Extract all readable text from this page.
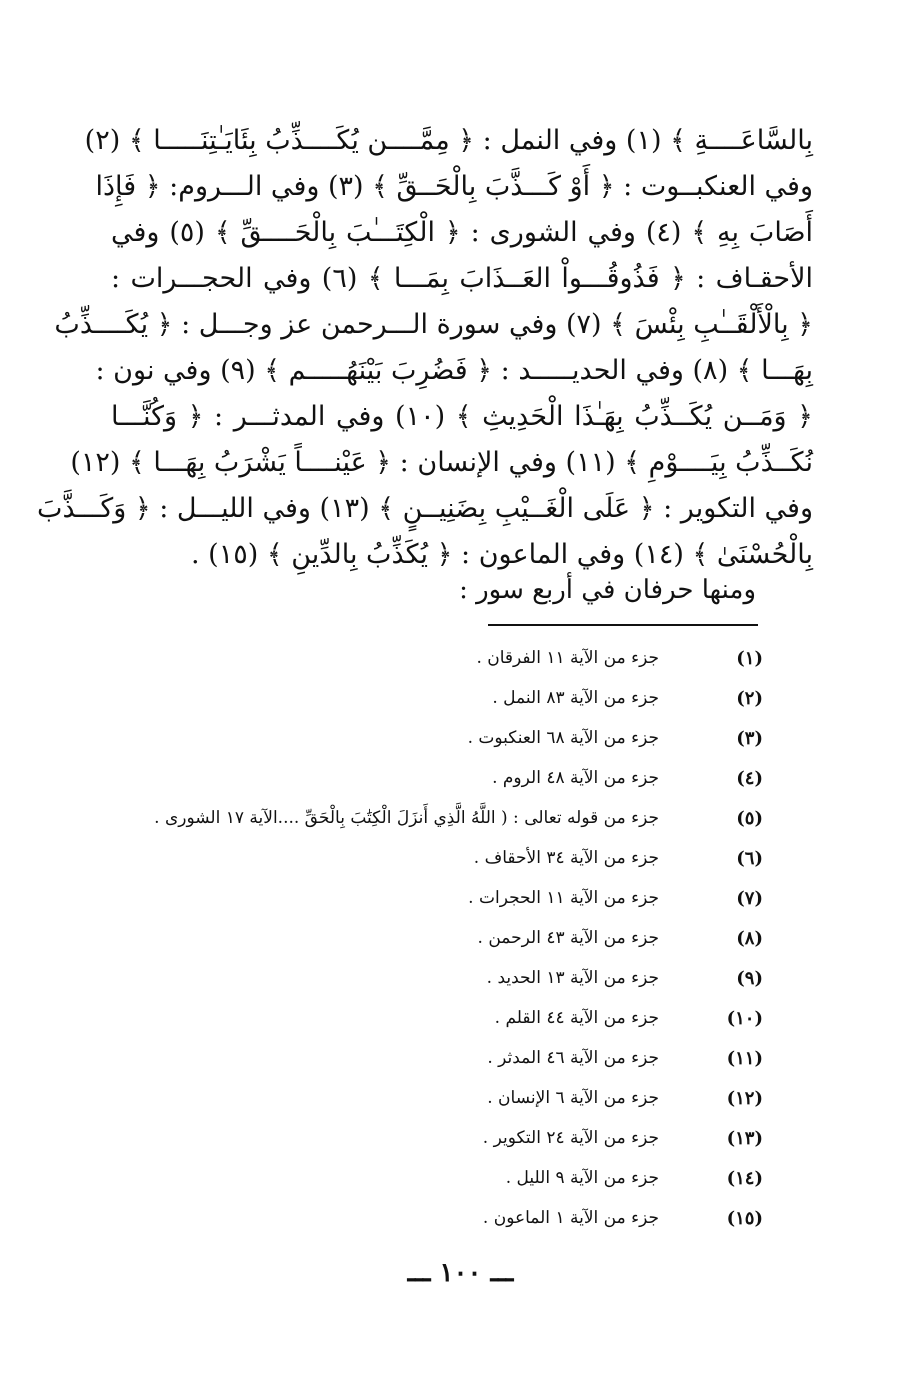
بِالسَّاعَــــةِ ﴾ (١) وفي النمل : ﴿ مِمَّــــن يُكَــــذِّبُ بِئَايَـٰتِنَـــــا ﴾ (٢)
وفي العنكبــوت : ﴿ أَوْ كَـــذَّبَ بِالْحَــقِّ ﴾ (٣) وفي الـــروم: ﴿ فَإِذَا
أَصَابَ بِهِ ﴾ (٤) وفي الشورى : ﴿ الْكِتَـــٰبَ بِالْحَــــقِّ ﴾ (٥) وفي
الأحقـاف : ﴿ فَذُوقُـــواْ العَــذَابَ بِمَـــا ﴾ (٦) وفي الحجـــرات :
﴿ بِالْأَلْقَــٰبِ بِئْسَ ﴾ (٧) وفي سورة الـــرحمن عز وجـــل : ﴿ يُكَــــذِّبُ
بِهَـــا ﴾ (٨) وفي الحديـــــد : ﴿ فَضُرِبَ بَيْنَهُـــــم ﴾ (٩) وفي نون :
﴿ وَمَــن يُكَــذِّبُ بِهَـٰذَا الْحَدِيثِ ﴾ (١٠) وفي المدثـــر : ﴿ وَكُنَّـــا
نُكَــذِّبُ بِيَــــوْمِ ﴾ (١١) وفي الإنسان : ﴿ عَيْنــــاً يَشْرَبُ بِهَـــا ﴾ (١٢)
وفي التكوير : ﴿ عَلَى الْغَــيْبِ بِضَنِيــنٍ ﴾ (١٣) وفي الليـــل : ﴿ وَكَـــذَّبَ
بِالْحُسْنَىٰ ﴾ (١٤) وفي الماعون : ﴿ يُكَذِّبُ بِالدِّينِ ﴾ (١٥) .
ومنها حرفان في أربع سور :
(١)
جزء من الآية ١١ الفرقان .
(٢)
جزء من الآية ٨٣ النمل .
(٣)
جزء من الآية ٦٨ العنكبوت .
(٤)
جزء من الآية ٤٨ الروم .
(٥)
جزء من قوله تعالى : ( اللَّهُ الَّذِي أَنزَلَ الْكِتَٰبَ بِالْحَقِّ ....الآية ١٧ الشورى .
(٦)
جزء من الآية ٣٤ الأحقاف .
(٧)
جزء من الآية ١١ الحجرات .
(٨)
جزء من الآية ٤٣ الرحمن .
(٩)
جزء من الآية ١٣ الحديد .
(١٠)
جزء من الآية ٤٤ القلم .
(١١)
جزء من الآية ٤٦ المدثر .
(١٢)
جزء من الآية ٦ الإنسان .
(١٣)
جزء من الآية ٢٤ التكوير .
(١٤)
جزء من الآية ٩ الليل .
(١٥)
جزء من الآية ١ الماعون .
ـــ ١٠٠ ـــ
